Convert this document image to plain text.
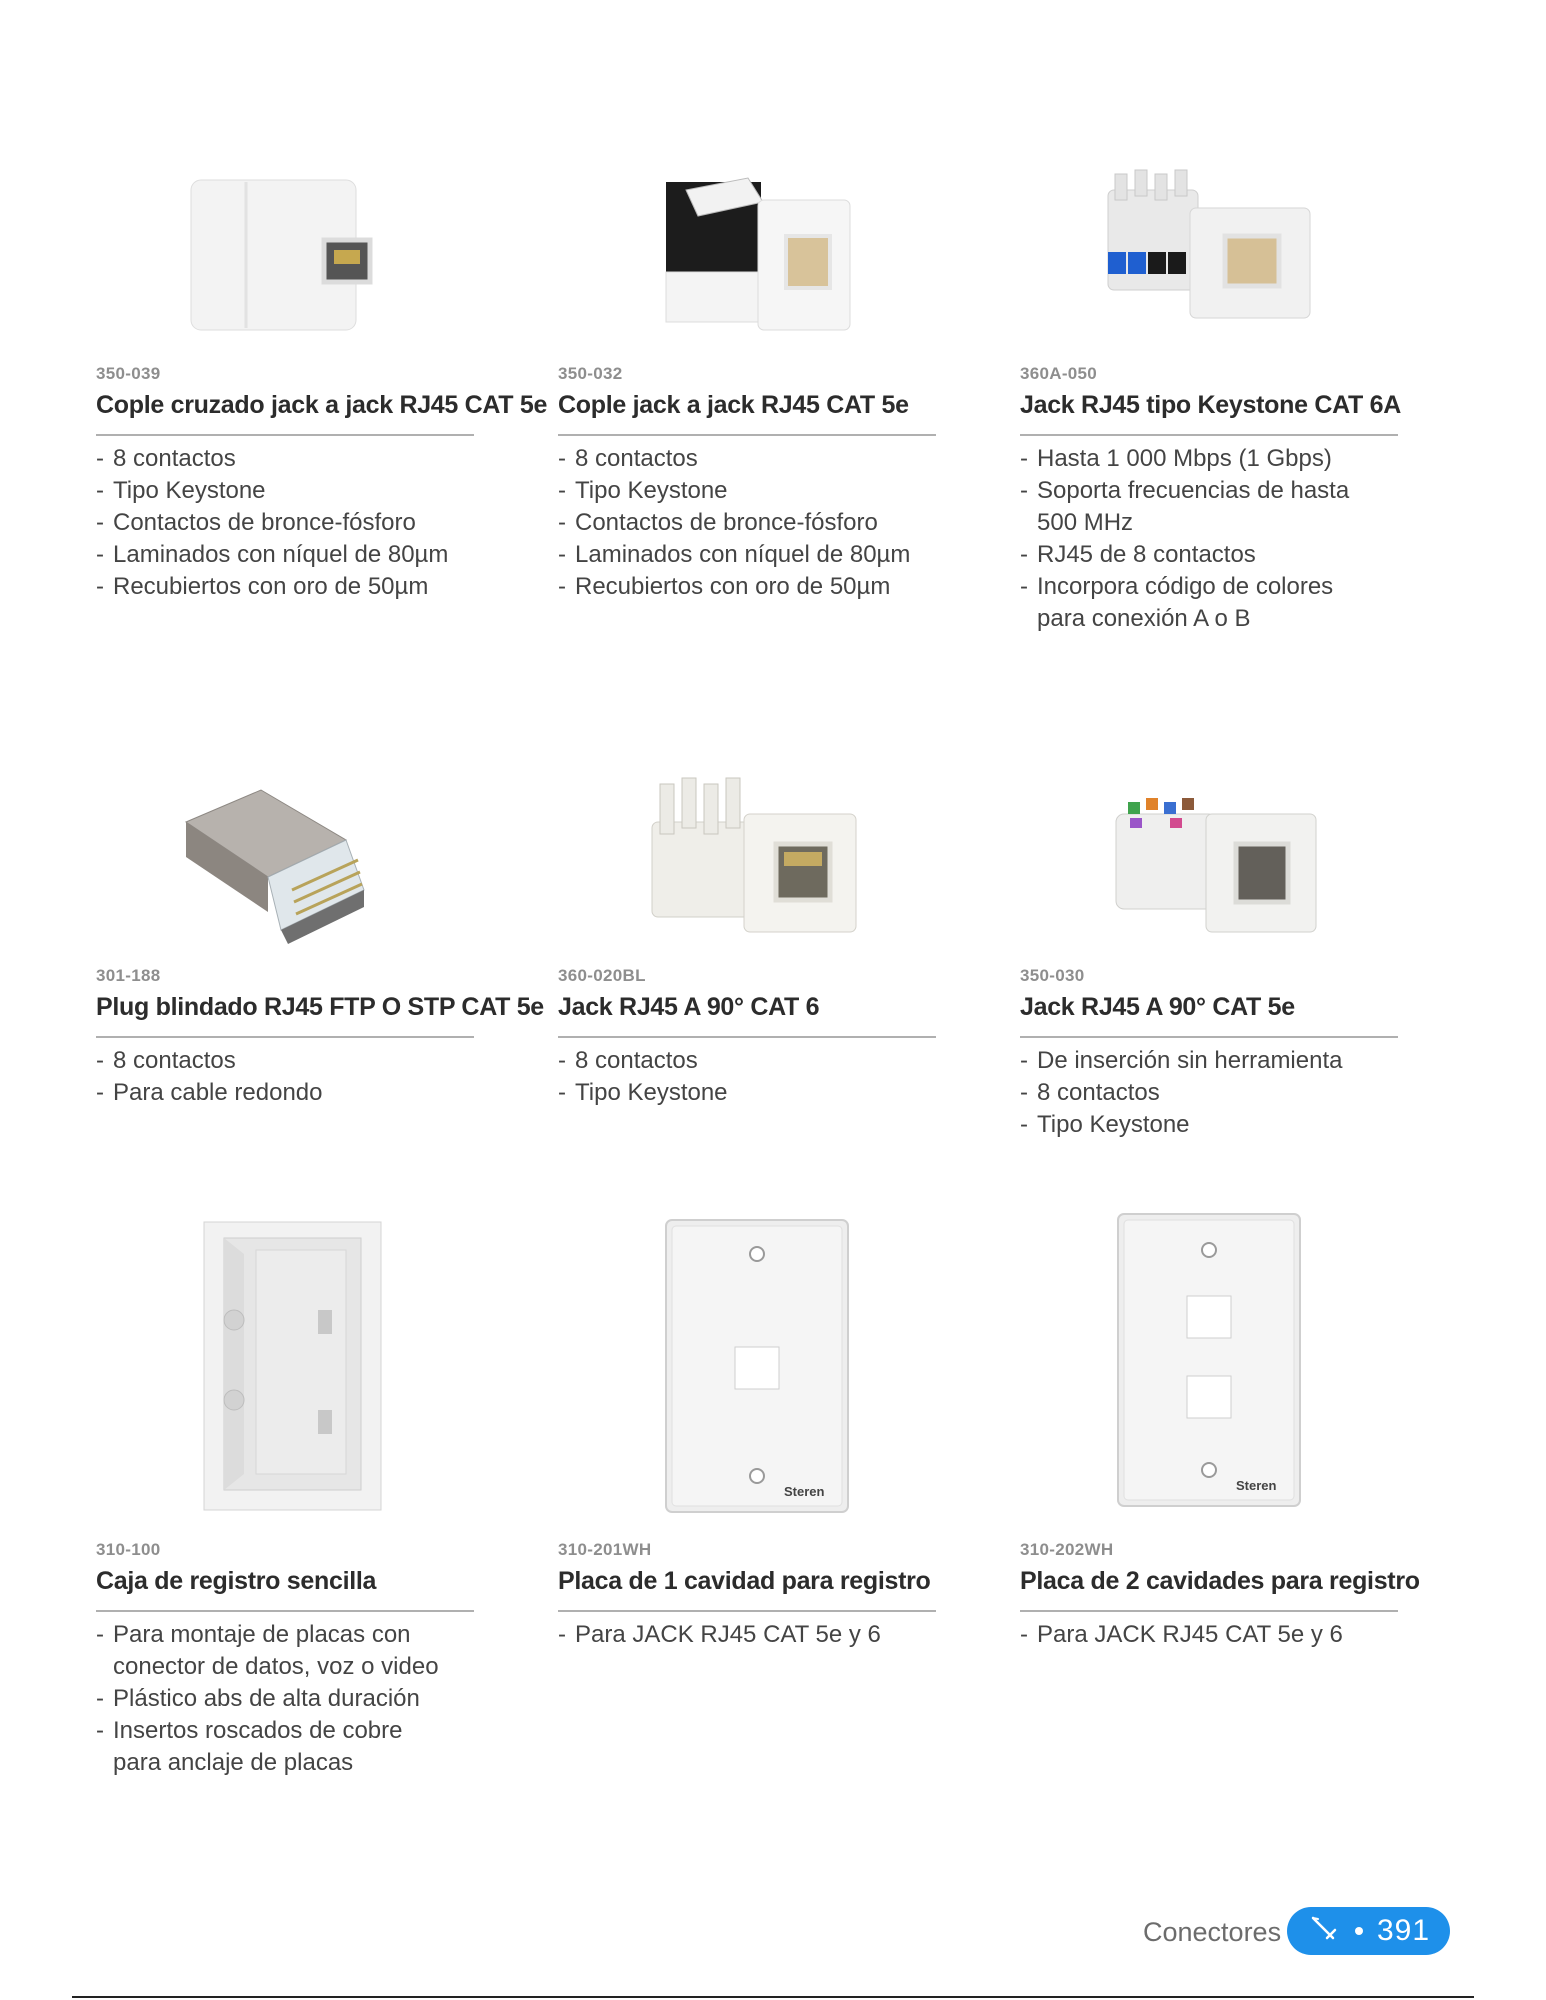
350-039
Cople cruzado jack a jack RJ45 CAT 5e
- 8 contactos
- Tipo Keystone
- Contactos de bronce-fósforo
- Laminados con níquel de 80µm
- Recubiertos con oro de 50µm
350-032
Cople jack a jack RJ45 CAT 5e
- 8 contactos
- Tipo Keystone
- Contactos de bronce-fósforo
- Laminados con níquel de 80µm
- Recubiertos con oro de 50µm
360A-050
Jack RJ45 tipo Keystone CAT 6A
- Hasta 1 000 Mbps (1 Gbps)
- Soporta frecuencias de hasta
500 MHz
- RJ45 de 8 contactos
- Incorpora código de colores
para conexión A o B
301-188
Plug blindado RJ45 FTP O STP CAT 5e
- 8 contactos
- Para cable redondo
360-020BL
Jack RJ45 A 90° CAT 6
- 8 contactos
- Tipo Keystone
350-030
Jack RJ45 A 90° CAT 5e
- De inserción sin herramienta
- 8 contactos
- Tipo Keystone
310-100
Caja de registro sencilla
- Para montaje de placas con
conector de datos, voz o video
- Plástico abs de alta duración
- Insertos roscados de cobre
para anclaje de placas
Steren
310-201WH
Placa de 1 cavidad para registro
- Para JACK RJ45 CAT 5e y 6
Steren
310-202WH
Placa de 2 cavidades para registro
- Para JACK RJ45 CAT 5e y 6
Conectores	391
